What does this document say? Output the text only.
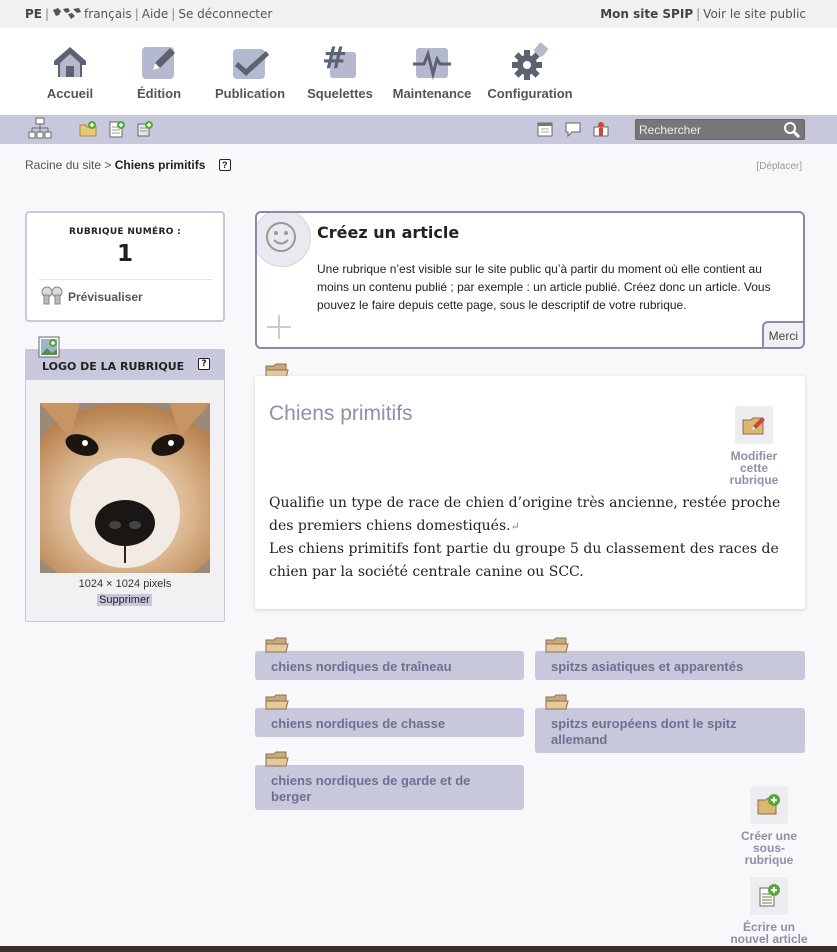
PE |	français | Aide | Se déconnecter	Mon site SPIP | Voir le site public
Accueil	Édition	Publication
#
Squelettes	Maintenance	Configuration
Rechercher
Racine du site > Chiens primitifs ?	[Déplacer]
RUBRIQUE NUMÉRO :
1
Prévisualiser
LOGO DE LA RUBRIQUE	?
1024 × 1024 pixels
Supprimer
Créez un article
Une rubrique n’est visible sur le site public qu’à partir du moment où elle contient au moins un contenu publié ; par exemple : un article publié. Créez donc un article. Vous pouvez le faire depuis cette page, sous le descriptif de votre rubrique.
Merci
Chiens primitifs
Modifier cette rubrique
Qualifie un type de race de chien d’origine très ancienne, restée proche des premiers chiens domestiqués.↵
Les chiens primitifs font partie du groupe 5 du classement des races de chien par la société centrale canine ou SCC.
chiens nordiques de traîneau	spitzs asiatiques et apparentés
chiens nordiques de chasse	spitzs européens dont le spitz allemand
chiens nordiques de garde et de berger
Créer une sous-rubrique
Écrire un nouvel article
